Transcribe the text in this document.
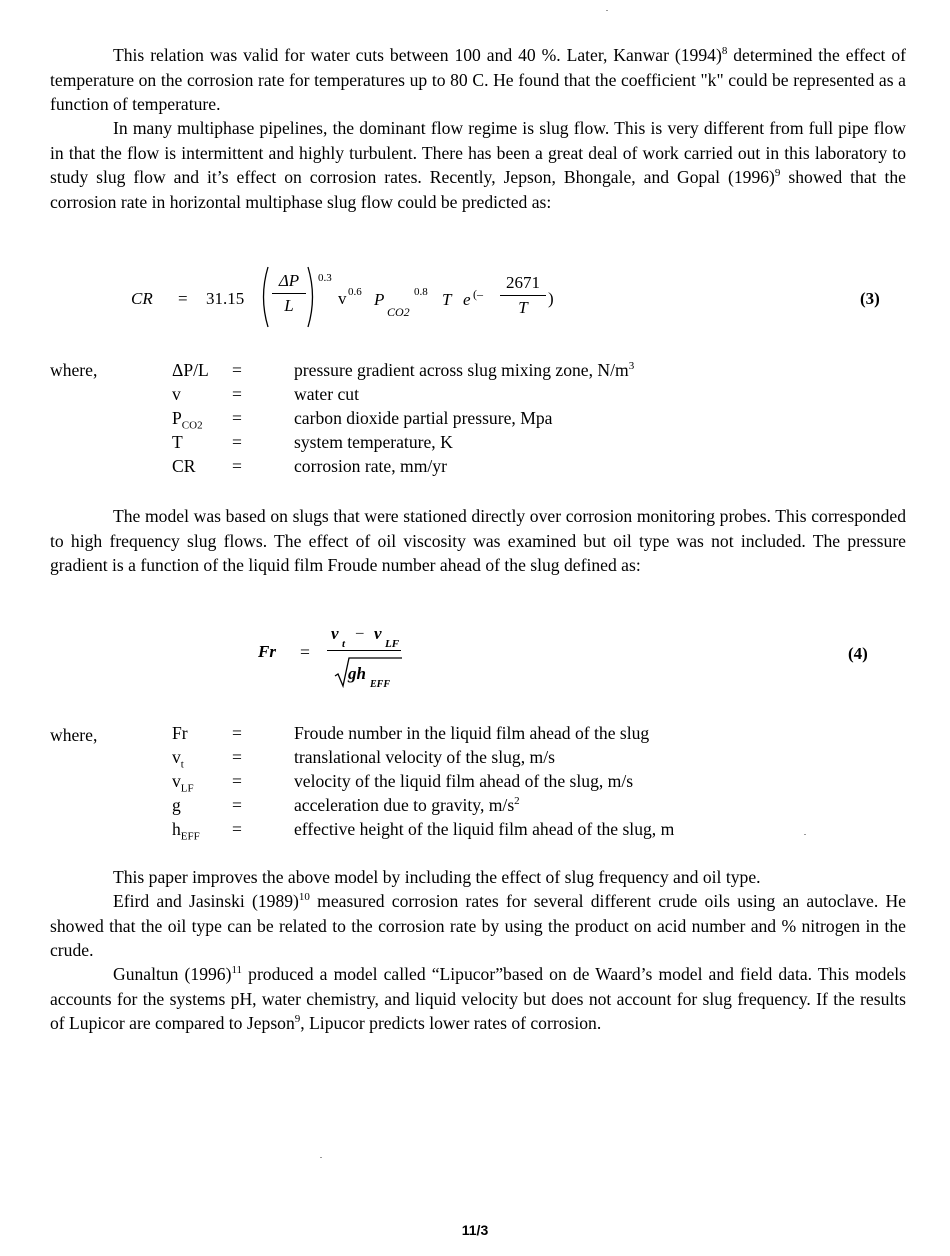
This relation was valid for water cuts between 100 and 40 %. Later, Kanwar $(1994)^8$ determined the effect of temperature on the corrosion rate for temperatures up to 80 C. He found that the coefficient "k" could be represented as a function of temperature.

In many multiphase pipelines, the dominant flow regime is slug flow. This is very different from full pipe flow in that the flow is intermittent and highly turbulent. There has been a great deal of work carried out in this laboratory to study slug flow and it’s effect on corrosion rates. Recently, Jepson, Bhongale, and Gopal $(1996)^9$ showed that the corrosion rate in horizontal multiphase slug flow could be predicted as:

CR = 31.15
ΔP
L
0.3
v 0.6 P
CO2
0.8 T e (–
2671
T	)	(3)
where,	ΔP/L =	pressure gradient across slug mixing zone, $N/m^3$
v	=	water cut
$P_{CO2}$ =	carbon dioxide partial pressure, Mpa
T	=	system temperature, K
CR =	corrosion rate, mm/yr

The model was based on slugs that were stationed directly over corrosion monitoring probes. This corresponded to high frequency slug flows. The effect of oil viscosity was examined but oil type was not included. The pressure gradient is a function of the liquid film Froude number ahead of the slug defined as:

Fr =
v
t
– v
LF
gh
EFF
(4)
where,	Fr	=	Froude number in the liquid film ahead of the slug
$v_t$	=	translational velocity of the slug, m/s
$v_{LF}$ =	velocity of the liquid film ahead of the slug, m/s
g	=	acceleration due to gravity, $m/s^2$
$h_{EFF}$ =	effective height of the liquid film ahead of the slug, m

This paper improves the above model by including the effect of slug frequency and oil type.

Efird and Jasinski $(1989)^{10}$ measured corrosion rates for several different crude oils using an autoclave. He showed that the oil type can be related to the corrosion rate by using the product on acid number and % nitrogen in the crude.

Gunaltun $(1996)^{11}$ produced a model called “Lipucor”based on de Waard’s model and field data. This models accounts for the systems pH, water chemistry, and liquid velocity but does not account for slug frequency. If the results of Lupicor are compared to Jepson$^9$, Lipucor predicts lower rates of corrosion.

11/3
